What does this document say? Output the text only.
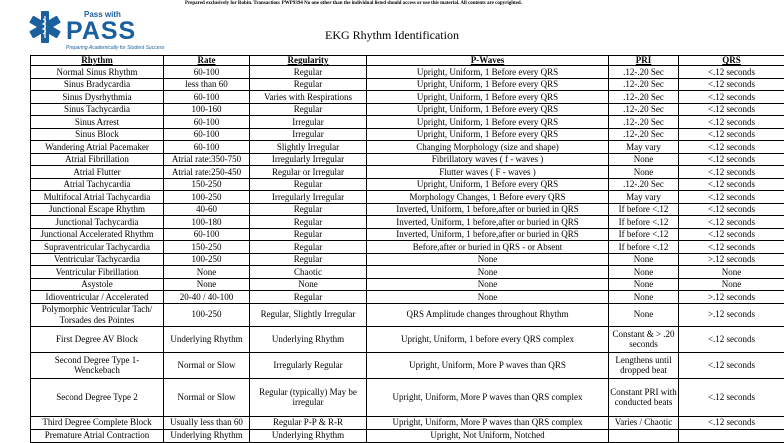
Prepared exclusively for Robin. Transaction: PWP9394 No one other than the individual listed should access or use this material. All contents are copyrighted.
Pass with
PASS
Preparing Academically for Student Success
EKG Rhythm Identification
Rhythm	Rate	Regularity	P-Waves	PRI	QRS
Normal Sinus Rhythm	60-100	Regular	Upright, Uniform, 1 Before every QRS	.12-.20 Sec	<.12 seconds
Sinus Bradycardia	less than 60	Regular	Upright, Uniform, 1 Before every QRS	.12-.20 Sec	<.12 seconds
Sinus Dysrhythmia	60-100	Varies with Respirations	Upright, Uniform, 1 Before every QRS	.12-.20 Sec	<.12 seconds
Sinus Tachycardia	100-160	Regular	Upright, Uniform, 1 Before every QRS	.12-.20 Sec	<.12 seconds
Sinus Arrest	60-100	Irregular	Upright, Uniform, 1 Before every QRS	.12-.20 Sec	<.12 seconds
Sinus Block	60-100	Irregular	Upright, Uniform, 1 Before every QRS	.12-.20 Sec	<.12 seconds
Wandering Atrial Pacemaker	60-100	Slightly Irregular	Changing Morphology (size and shape)	May vary	<.12 seconds
Atrial Fibrillation	Atrial rate:350-750	Irregularly Irregular	Fibrillatory waves ( f - waves )	None	<.12 seconds
Atrial Flutter	Atrial rate:250-450	Regular or Irregular	Flutter waves ( F - waves )	None	<.12 seconds
Atrial Tachycardia	150-250	Regular	Upright, Uniform, 1 Before every QRS	.12-.20 Sec	<.12 seconds
Multifocal Atrial Tachycardia	100-250	Irregularly Irregular	Morphology Changes, 1 Before every QRS	May vary	<.12 seconds
Junctional Escape Rhythm	40-60	Regular	Inverted, Uniform, 1 before,after or buried in QRS	If before <.12	<.12 seconds
Junctional Tachycardia	100-180	Regular	Inverted, Uniform, 1 before,after or buried in QRS	If before <.12	<.12 seconds
Junctional Accelerated Rhythm	60-100	Regular	Inverted, Uniform, 1 before,after or buried in QRS	If before <.12	<.12 seconds
Supraventricular Tachycardia	150-250	Regular	Before,after or buried in QRS - or Absent	If before <.12	<.12 seconds
Ventricular Tachycardia	100-250	Regular	None	None	>.12 seconds
Ventricular Fibrillation	None	Chaotic	None	None	None
Asystole	None	None	None	None	None
Idioventricular / Accelerated	20-40 / 40-100	Regular	None	None	>.12 seconds
Polymorphic Ventricular Tach/ Torsades des Pointes	100-250	Regular, Slightly Irregular	QRS Amplitude changes throughout Rhythm	None	>.12 seconds
First Degree AV Block	Underlying Rhythm	Underlying Rhythm	Upright, Uniform, 1 before every QRS complex	Constant & > .20 seconds	<.12 seconds
Second Degree Type 1- Wenckebach	Normal or Slow	Irregularly Regular	Upright, Uniform, More P waves than QRS	Lengthens until dropped beat	<.12 seconds
Second Degree Type 2	Normal or Slow	Regular (typically) May be irregular	Upright, Uniform, More P waves than QRS complex	Constant PRI with conducted beats	<.12 seconds
Third Degree Complete Block	Usually less than 60	Regular P-P & R-R	Upright, Uniform, More P waves than QRS complex	Varies / Chaotic	<.12 seconds
Premature Atrial Contraction	Underlying Rhythm	Underlying Rhythm	Upright, Not Uniform, Notched		
